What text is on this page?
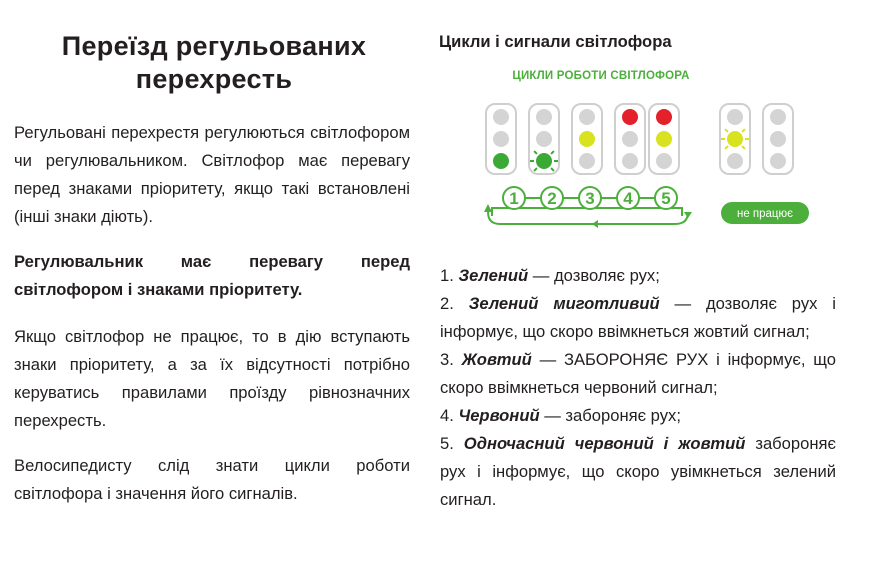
Переїзд регульованих перехресть
Регульовані перехрестя регулюються світлофором чи регулювальником. Світлофор має перевагу перед знаками пріоритету, якщо такі встановлені (інші знаки діють).
Регулювальник має перевагу перед світлофором і знаками пріоритету.
Якщо світлофор не працює, то в дію вступають знаки пріоритету, а за їх відсутності потрібно керуватись правилами проїзду рівнозначних перехресть.
Велосипедисту слід знати цикли роботи світлофора і значення його сигналів.
Цикли і сигнали світлофора
ЦИКЛИ РОБОТИ СВІТЛОФОРА
1 2 3 4 5
не працює
1. Зелений — дозволяє рух;
2. Зелений миготливий — дозволяє рух і інформує, що скоро ввімкнеться жовтий сигнал;
3. Жовтий — ЗАБОРОНЯЄ РУХ і інформує, що скоро ввімкнеться червоний сигнал;
4. Червоний — забороняє рух;
5. Одночасний червоний і жовтий забороняє рух і інформує, що скоро увімкнеться зелений сигнал.
